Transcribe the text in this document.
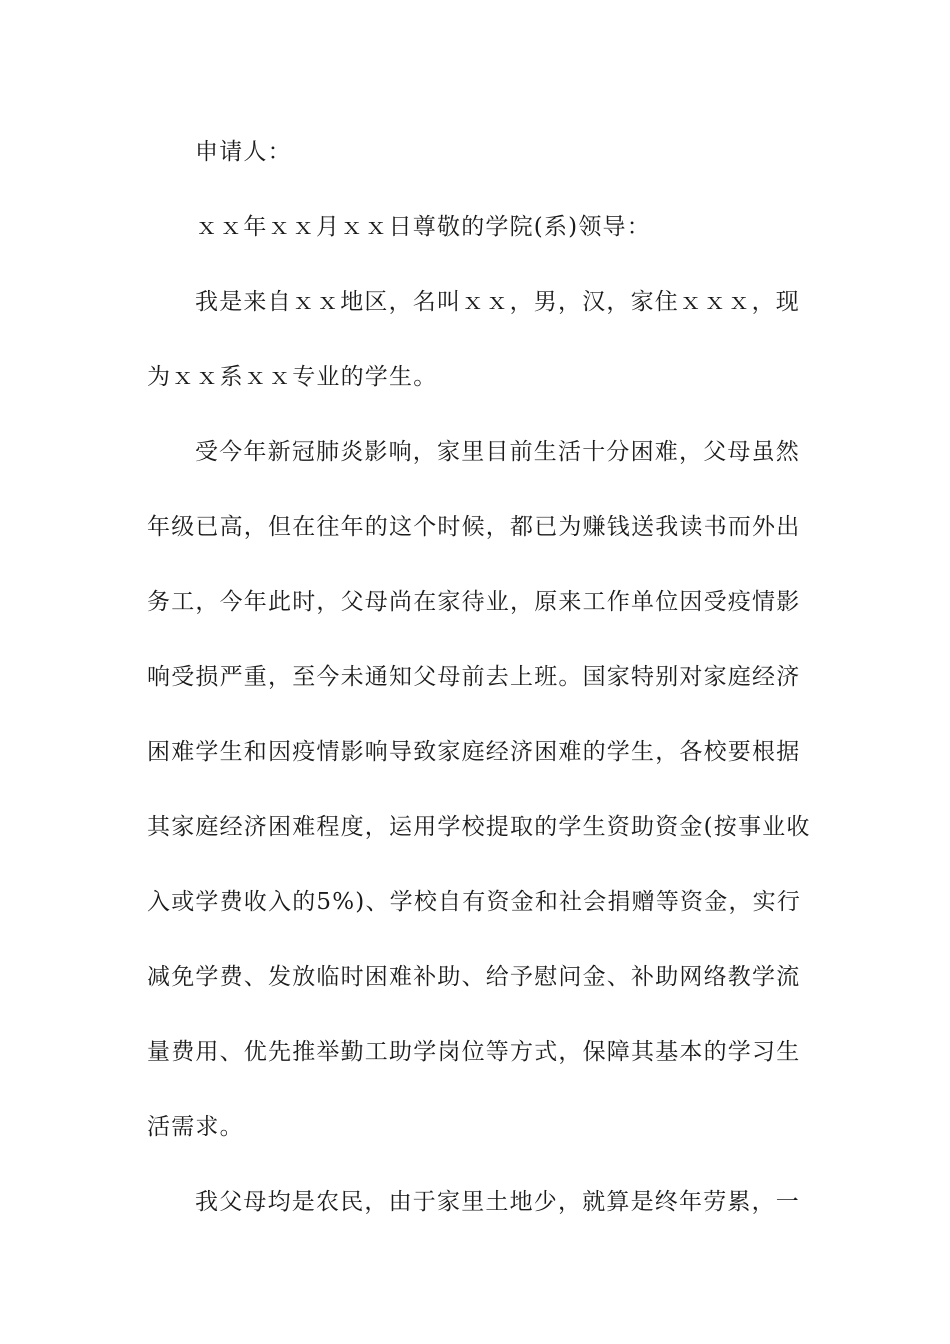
申请人：
ｘｘ年ｘｘ月ｘｘ日尊敬的学院(系)领导：
我是来自ｘｘ地区，名叫ｘｘ，男，汉，家住ｘｘｘ，现
为ｘｘ系ｘｘ专业的学生。
受今年新冠肺炎影响，家里目前生活十分困难，父母虽然
年级已高，但在往年的这个时候，都已为赚钱送我读书而外出
务工，今年此时，父母尚在家待业，原来工作单位因受疫情影
响受损严重，至今未通知父母前去上班。国家特别对家庭经济
困难学生和因疫情影响导致家庭经济困难的学生，各校要根据
其家庭经济困难程度，运用学校提取的学生资助资金(按事业收
入或学费收入的5%)、学校自有资金和社会捐赠等资金，实行
减免学费、发放临时困难补助、给予慰问金、补助网络教学流
量费用、优先推举勤工助学岗位等方式，保障其基本的学习生
活需求。
我父母均是农民，由于家里土地少，就算是终年劳累，一
